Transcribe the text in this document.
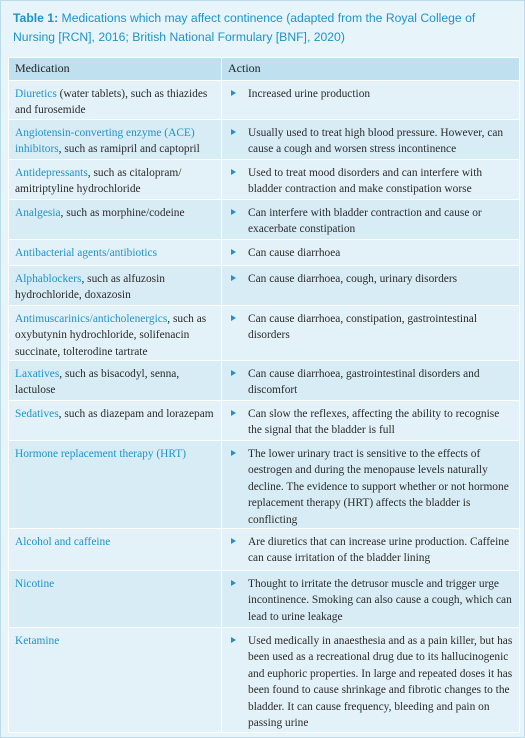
Table 1: Medications which may affect continence (adapted from the Royal College of Nursing [RCN], 2016; British National Formulary [BNF], 2020)
Medication	Action
Diuretics (water tablets), such as thiazides and furosemide	Increased urine production
Angiotensin-converting enzyme (ACE) inhibitors, such as ramipril and captopril	Usually used to treat high blood pressure. However, can cause a cough and worsen stress incontinence
Antidepressants, such as citalopram/ amitriptyline hydrochloride	Used to treat mood disorders and can interfere with bladder contraction and make constipation worse
Analgesia, such as morphine/codeine	Can interfere with bladder contraction and cause or exacerbate constipation
Antibacterial agents/antibiotics	Can cause diarrhoea
Alphablockers, such as alfuzosin hydrochloride, doxazosin	Can cause diarrhoea, cough, urinary disorders
Antimuscarinics/anticholenergics, such as oxybutynin hydrochloride, solifenacin succinate, tolterodine tartrate	Can cause diarrhoea, constipation, gastrointestinal disorders
Laxatives, such as bisacodyl, senna, lactulose	Can cause diarrhoea, gastrointestinal disorders and discomfort
Sedatives, such as diazepam and lorazepam	Can slow the reflexes, affecting the ability to recognise the signal that the bladder is full
Hormone replacement therapy (HRT)	The lower urinary tract is sensitive to the effects of oestrogen and during the menopause levels naturally decline. The evidence to support whether or not hormone replacement therapy (HRT) affects the bladder is conflicting
Alcohol and caffeine	Are diuretics that can increase urine production. Caffeine can cause irritation of the bladder lining
Nicotine	Thought to irritate the detrusor muscle and trigger urge incontinence. Smoking can also cause a cough, which can lead to urine leakage
Ketamine	Used medically in anaesthesia and as a pain killer, but has been used as a recreational drug due to its hallucinogenic and euphoric properties. In large and repeated doses it has been found to cause shrinkage and fibrotic changes to the bladder. It can cause frequency, bleeding and pain on passing urine
